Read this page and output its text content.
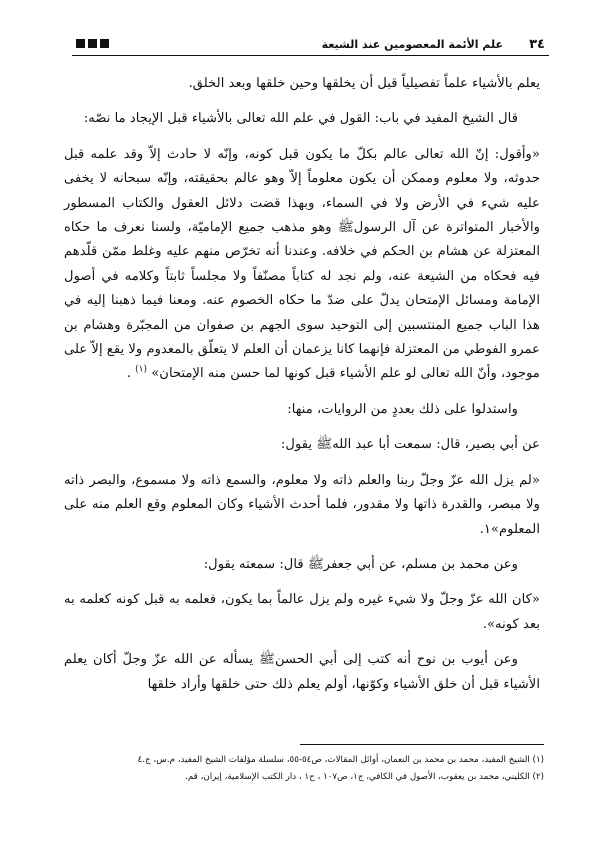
٣٤
علم الأئمة المعصومين عند الشيعة

يعلم بالأشياء علماً تفصيلياً قبل أن يخلقها وحين خلقها وبعد الخلق.

قال الشيخ المفيد في باب: القول في علم الله تعالى بالأشياء قبل الإيجاد ما نصّه:

«وأقول: إنّ الله تعالى عالم بكلّ ما يكون قبل كونه، وإنّه لا حادث إلاّ وقد علمه قبل حدوثه، ولا معلوم وممكن أن يكون معلوماً إلاّ وهو عالم بحقيقته، وإنّه سبحانه لا يخفى عليه شيء في الأرض ولا في السماء، وبهذا قضت دلائل العقول والكتاب المسطور والأخبار المتواترة عن آل الرسولﷺ وهو مذهب جميع الإماميّة، ولسنا نعرف ما حكاه المعتزلة عن هشام بن الحكم في خلافه. وعندنا أنه تخرّص منهم عليه وغلط ممّن قلّدهم فيه فحكاه من الشيعة عنه، ولم نجد له كتاباً مصنّفاً ولا مجلساً ثابتاً وكلامه في أصول الإمامة ومسائل الإمتحان يدلّ على ضدّ ما حكاه الخصوم عنه. ومعنا فيما ذهبنا إليه في هذا الباب جميع المنتسبين إلى التوحيد سوى الجهم بن صفوان من المجبّرة وهشام بن عمرو الفوطي من المعتزلة فإنهما كانا يزعمان أن العلم لا يتعلّق بالمعدوم ولا يقع إلاّ على موجود، وأنّ الله تعالى لو علم الأشياء قبل كونها لما حسن منه الإمتحان» $^{(١)}$ .

واستدلوا على ذلك بعددٍ من الروايات، منها:

عن أبي بصير، قال: سمعت أبا عبد اللهﷺ يقول:

«لم يزل الله عزّ وجلّ ربنا والعلم ذاته ولا معلوم، والسمع ذاته ولا مسموع، والبصر ذاته ولا مبصر، والقدرة ذاتها ولا مقدور، فلما أحدث الأشياء وكان المعلوم وقع العلم منه على المعلوم»١.

وعن محمد بن مسلم، عن أبي جعفرﷺ قال: سمعته يقول:

«كان الله عزّ وجلّ ولا شيء غيره ولم يزل عالماً بما يكون، فعلمه به قبل كونه كعلمه به بعد كونه».

وعن أيوب بن نوح أنه كتب إلى أبي الحسنﷺ يسأله عن الله عزّ وجلّ أكان يعلم الأشياء قبل أن خلق الأشياء وكوّنها، أولم يعلم ذلك حتى خلقها وأراد خلقها

(١) الشيخ المفيد، محمد بن محمد بن النعمان، أوائل المقالات، ص٥٤-٥٥، سلسلة مؤلفات الشيخ المفيد، م.س، ج.٤
(٢) الكليني، محمد بن يعقوب، الأصول في الكافي، ج١، ص١٠٧ ، ح١ ، دار الكتب الإسلامية، إيران، قم.
